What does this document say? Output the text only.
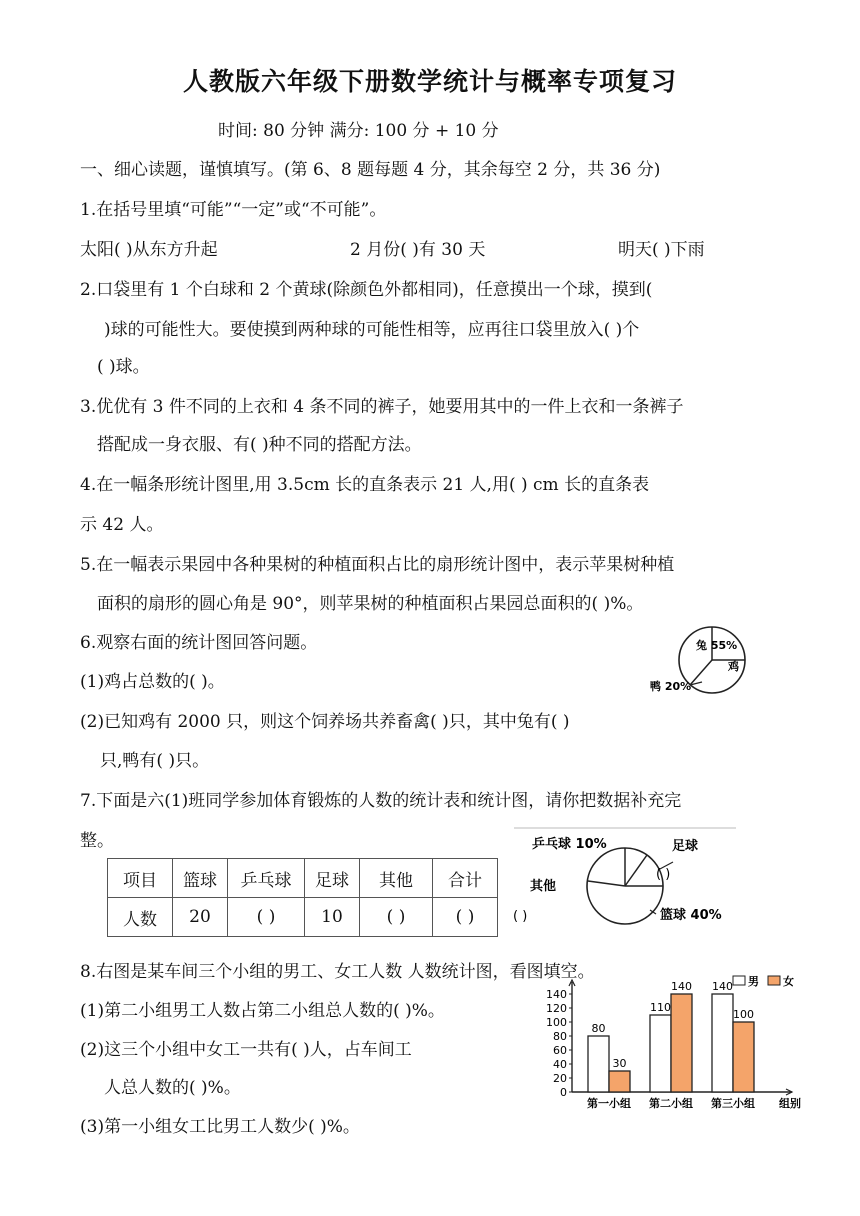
人教版六年级下册数学统计与概率专项复习
时间: 80 分钟 满分: 100 分 + 10 分
一、细心读题，谨慎填写。(第 6、8 题每题 4 分，其余每空 2 分，共 36 分)
1.在括号里填“可能”“一定”或“不可能”。
太阳( )从东方升起	2 月份( )有 30 天	明天( )下雨
2.口袋里有 1 个白球和 2 个黄球(除颜色外都相同)，任意摸出一个球，摸到(
)球的可能性大。要使摸到两种球的可能性相等，应再往口袋里放入( )个
( )球。
3.优优有 3 件不同的上衣和 4 条不同的裤子，她要用其中的一件上衣和一条裤子
搭配成一身衣服、有( )种不同的搭配方法。
4.在一幅条形统计图里,用 3.5cm 长的直条表示 21 人,用( ) cm 长的直条表
示 42 人。
5.在一幅表示果园中各种果树的种植面积占比的扇形统计图中，表示苹果树种植
面积的扇形的圆心角是 90°，则苹果树的种植面积占果园总面积的( )%。
6.观察右面的统计图回答问题。
(1)鸡占总数的( )。
(2)已知鸡有 2000 只，则这个饲养场共养畜禽( )只，其中兔有( )
只,鸭有( )只。
兔 55%
鸡
鸭 20%
7.下面是六(1)班同学参加体育锻炼的人数的统计表和统计图，请你把数据补充完
整。
项目	篮球	乒乓球	足球	其他	合计
人数	20	( )	10	( )	( )
乒乓球 10%	足球
( )
其他
( )	篮球 40%
8.右图是某车间三个小组的男工、女工人数 人数统计图，看图填空。
(1)第二小组男工人数占第二小组总人数的( )%。
(2)这三个小组中女工一共有( )人，占车间工
人总人数的( )%。
(3)第一小组女工比男工人数少( )%。
0
20
40
60
80
100
120
140
80
30
第一小组
110
140
第二小组
140
100
第三小组 组别
男 女
